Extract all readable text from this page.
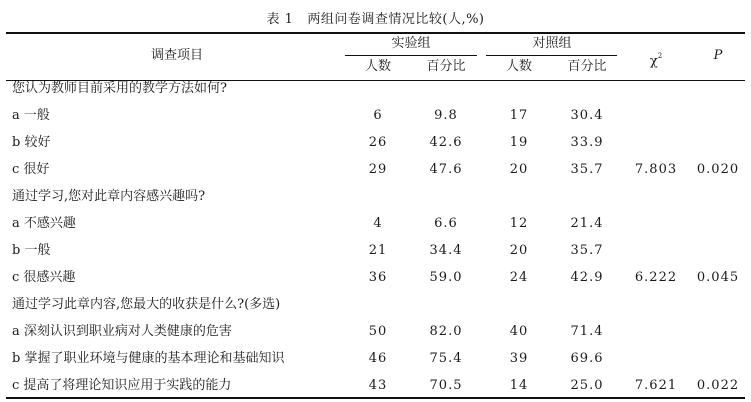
表 1 两组问卷调查情况比较(人,%)
调查项目
实验组	对照组
人数	百分比	人数	百分比	$\chi^2$	P
您认为教师目前采用的教学方法如何?
a 一般	6	9.8	17	30.4
b 较好	26	42.6	19	33.9
c 很好	29	47.6	20	35.7 7.803 0.020
通过学习,您对此章内容感兴趣吗?
a 不感兴趣	4	6.6	12	21.4
b 一般	21	34.4	20	35.7
c 很感兴趣	36	59.0	24	42.9 6.222 0.045
通过学习此章内容,您最大的收获是什么?(多选)
a 深刻认识到职业病对人类健康的危害	50	82.0	40	71.4
b 掌握了职业环境与健康的基本理论和基础知识	46	75.4	39	69.6
c 提高了将理论知识应用于实践的能力	43	70.5	14	25.0 7.621 0.022
